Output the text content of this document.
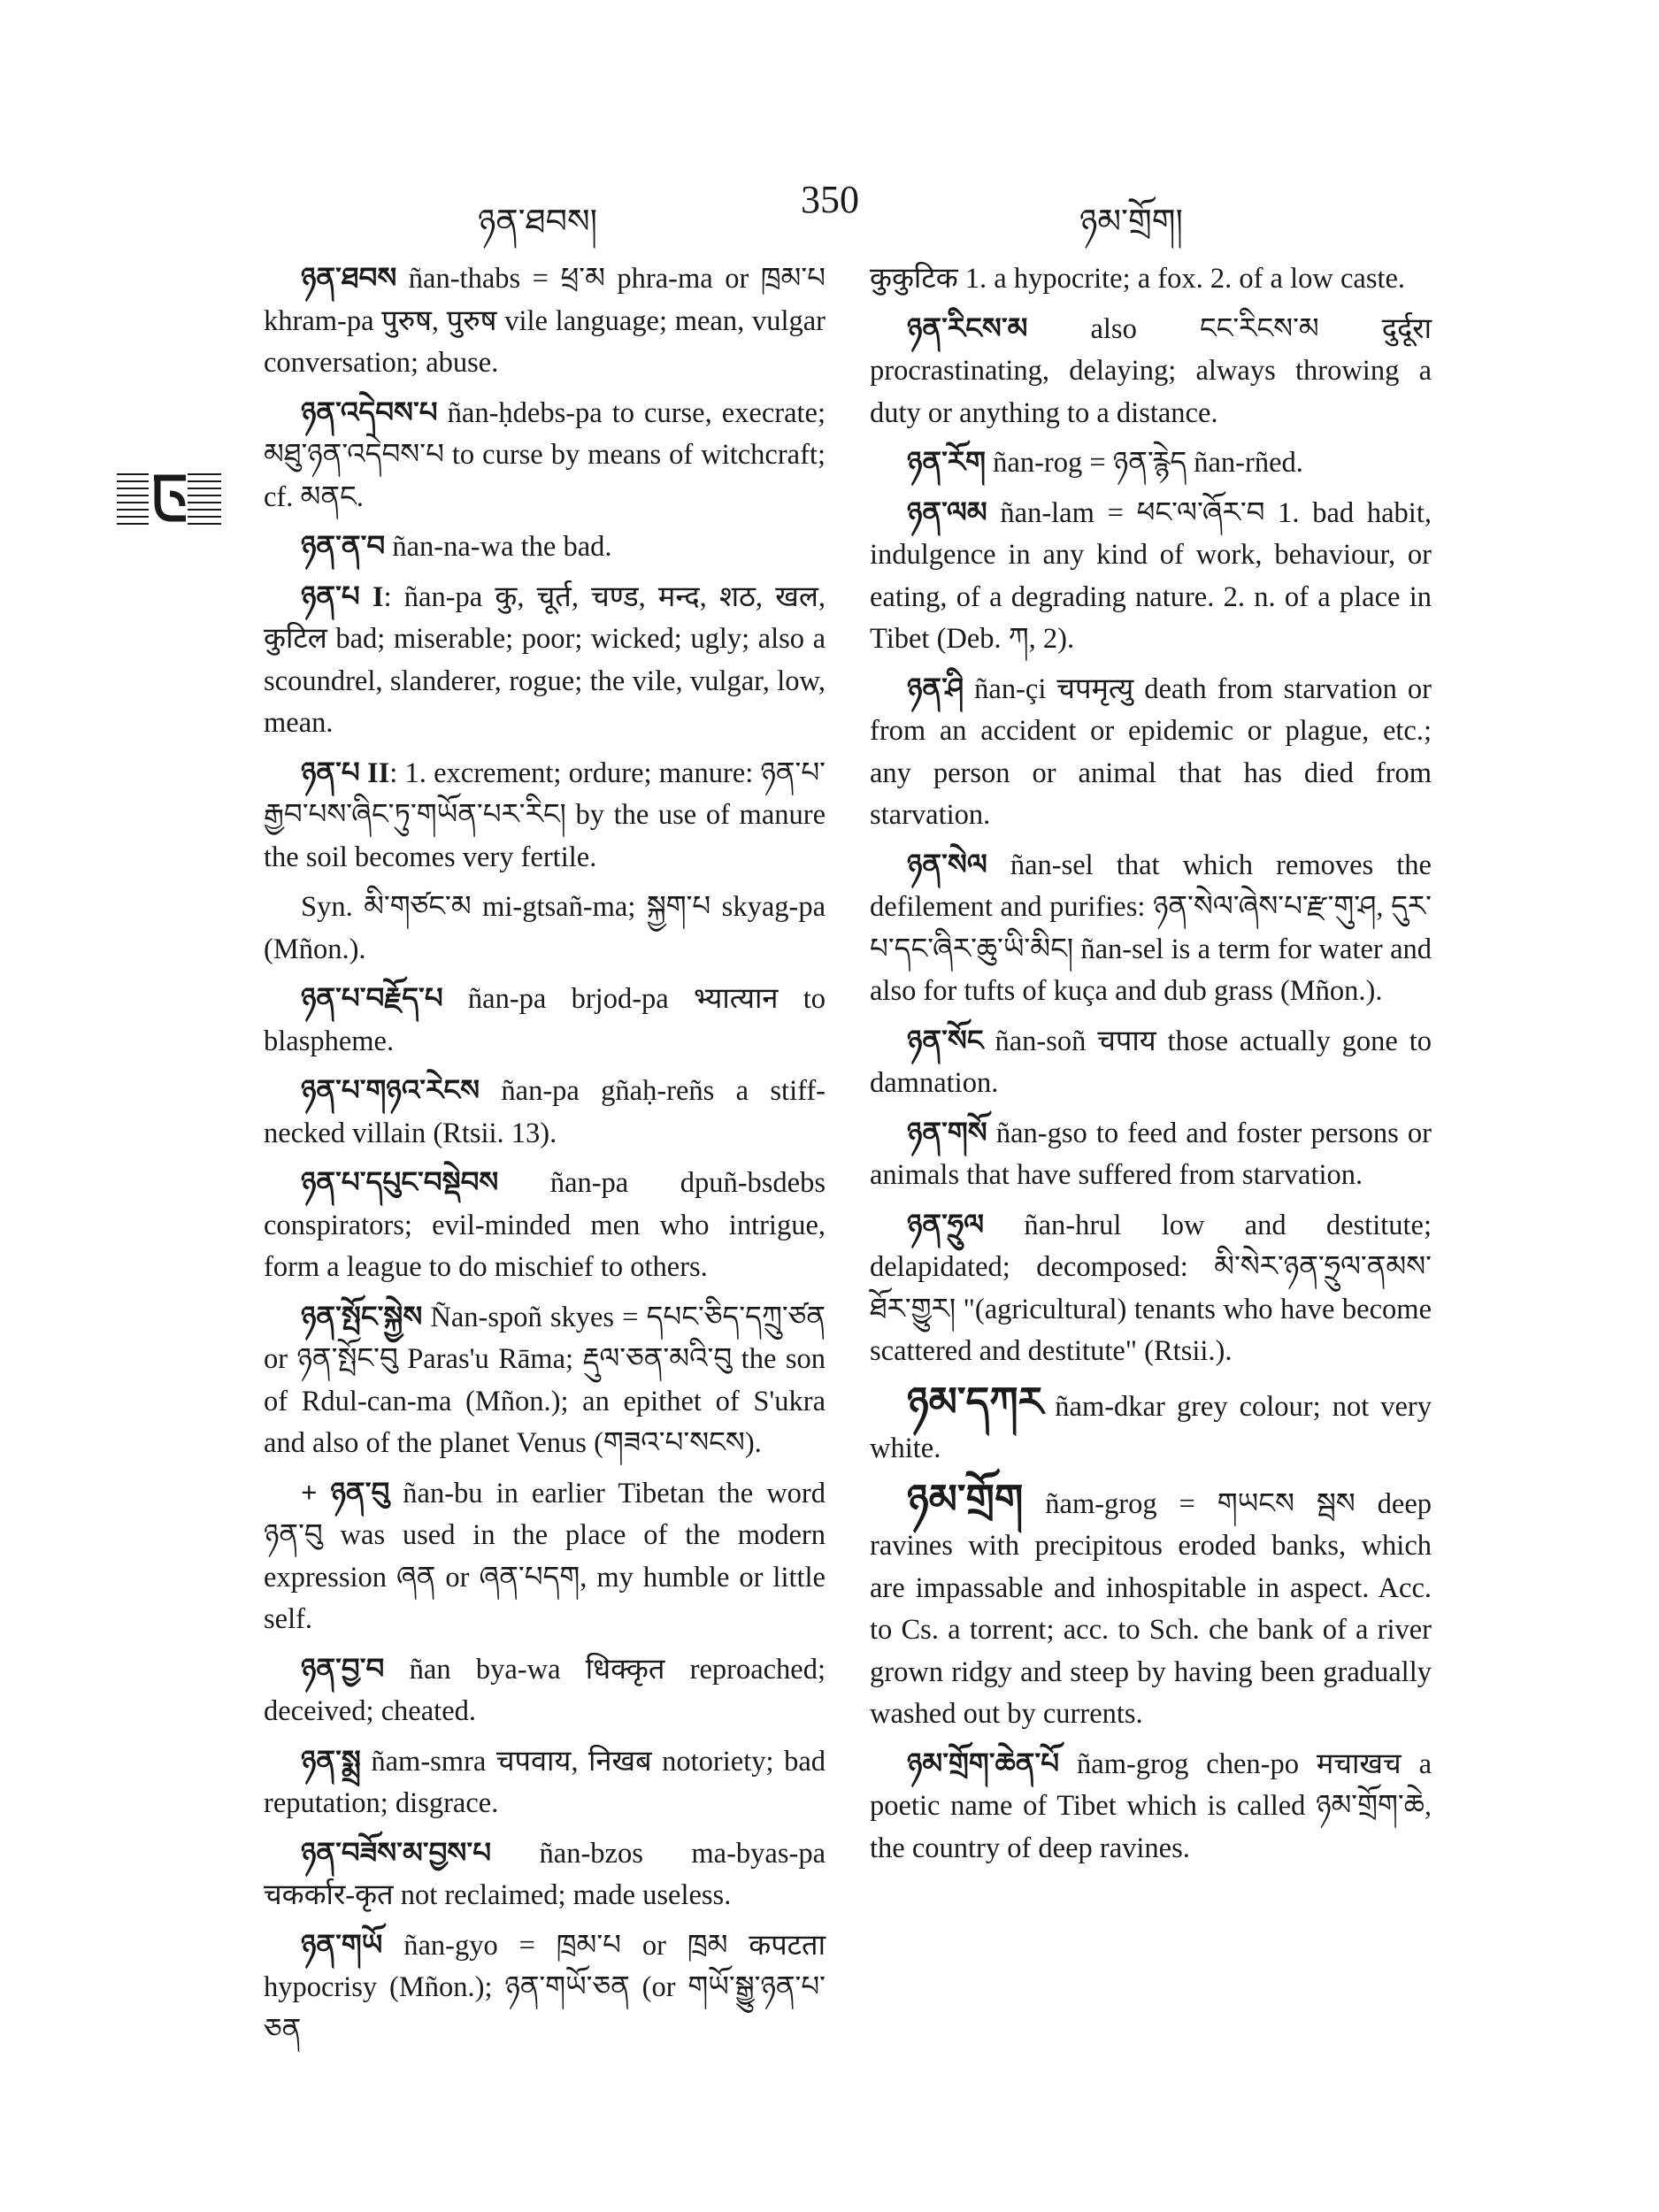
ཉན་ཐབས།
350
ཉམ་གྲོག།

ཉན་ཐབས ñan-thabs = ཕྲ་མ phra-ma or ཁྲམ་པ khram-pa पुरुष, पुरुष vile language; mean, vulgar conversation; abuse.

ཉན་འདེབས་པ ñan-ḥdebs-pa to curse, execrate; མཐུ་ཉན་འདེབས་པ to curse by means of witchcraft; cf. མནང.

ཉན་ན་བ ñan-na-wa the bad.

ཉན་པ I: ñan-pa कु, चूर्त, चण्ड, मन्द, शठ, खल, कुटिल bad; miserable; poor; wicked; ugly; also a scoundrel, slanderer, rogue; the vile, vulgar, low, mean.

ཉན་པ II: 1. excrement; ordure; manure: ཉན་པ་རྒྱབ་པས་ཞིང་ཏུ་གཡོན་པར་རིང། by the use of manure the soil becomes very fertile.

Syn. མི་གཙང་མ mi-gtsañ-ma; སྐྱག་པ skyag-pa (Mñon.).

ཉན་པ་བརྗོད་པ ñan-pa brjod-pa भ्यात्यान to blaspheme.

ཉན་པ་གཉའ་རེངས ñan-pa gñaḥ-reñs a stiff-necked villain (Rtsii. 13).

ཉན་པ་དཔུང་བསྡེབས ñan-pa dpuñ-bsdebs conspirators; evil-minded men who intrigue, form a league to do mischief to others.

ཉན་སྤོང་སྐྱེས Ñan-spoñ skyes = དཔང་ཅིད་དཀྲུ་ཙན or ཉན་སྤོང་བུ Paras'u Rāma; རྡུལ་ཅན་མའི་བུ the son of Rdul-can-ma (Mñon.); an epithet of S'ukra and also of the planet Venus (གཟའ་པ་སངས).

+ ཉན་བུ ñan-bu in earlier Tibetan the word ཉན་བུ was used in the place of the modern expression ཞན or ཞན་པདག, my humble or little self.

ཉན་བྱ་བ ñan bya-wa धिक्कृत reproached; deceived; cheated.

ཉན་སྨྲ ñam-smra चपवाय, निखब notoriety; bad reputation; disgrace.

ཉན་བཟོས་མ་བྱས་པ ñan-bzos ma-byas-pa चकर्कार-कृत not reclaimed; made useless.

ཉན་གཡོ ñan-gyo = ཁྲམ་པ or ཁྲམ कपटता hypocrisy (Mñon.); ཉན་གཡོ་ཅན (or གཡོ་སྒྱུ་ཉན་པ་ཅན

कुकुटिक 1. a hypocrite; a fox. 2. of a low caste.

ཉན་རིངས་མ also ངང་རིངས་མ दुर्दूरा procrastinating, delaying; always throwing a duty or anything to a distance.

ཉན་རོག ñan-rog = ཉན་རྙེད ñan-rñed.

ཉན་ལམ ñan-lam = ཕང་ལ་ཞོར་བ 1. bad habit, indulgence in any kind of work, behaviour, or eating, of a degrading nature. 2. n. of a place in Tibet (Deb. ཀ, 2).

ཉན་ཤི ñan-çi चपमृत्यु death from starvation or from an accident or epidemic or plague, etc.; any person or animal that has died from starvation.

ཉན་སེལ ñan-sel that which removes the defilement and purifies: ཉན་སེལ་ཞེས་པ་རྫ་གུ་ཤ, དུར་པ་དང་ཞིར་ཆུ་ཡི་མིང། ñan-sel is a term for water and also for tufts of kuça and dub grass (Mñon.).

ཉན་སོང ñan-soñ चपाय those actually gone to damnation.

ཉན་གསོ ñan-gso to feed and foster persons or animals that have suffered from starvation.

ཉན་ཧྲུལ ñan-hrul low and destitute; delapidated; decomposed: མི་སེར་ཉན་ཧྲུལ་ནམས་ཐོར་གྱུར། "(agricultural) tenants who have become scattered and destitute" (Rtsii.).

ཉམ་དཀར ñam-dkar grey colour; not very white.

ཉམ་གྲོག ñam-grog = གཡངས སྦས deep ravines with precipitous eroded banks, which are impassable and inhospitable in aspect. Acc. to Cs. a torrent; acc. to Sch. che bank of a river grown ridgy and steep by having been gradually washed out by currents.

ཉམ་གྲོག་ཆེན་པོ ñam-grog chen-po मचाखच a poetic name of Tibet which is called ཉམ་གྲོག་ཆེ, the country of deep ravines.
